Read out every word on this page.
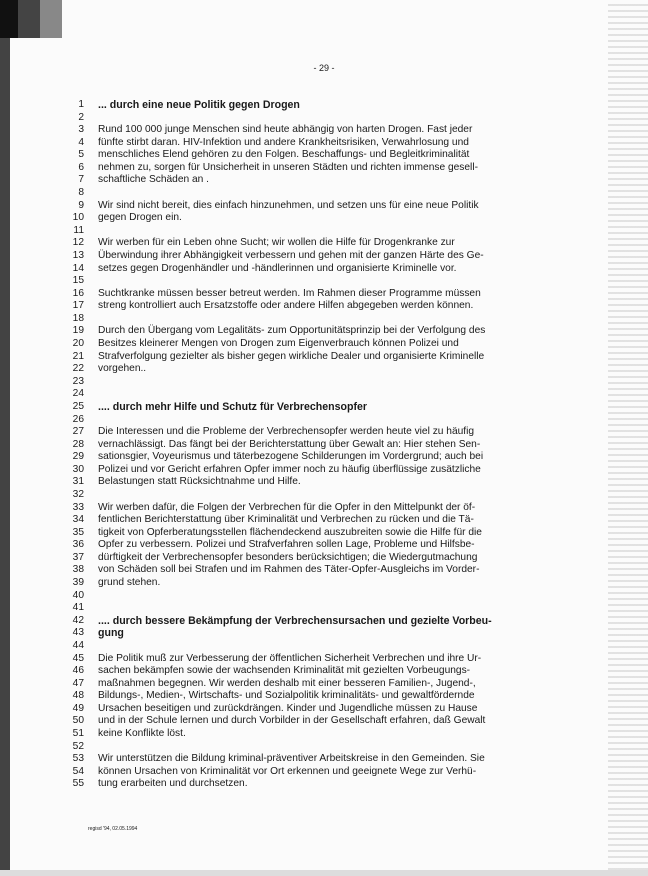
- 29 -
1 ... durch eine neue Politik gegen Drogen
2
3 Rund 100 000 junge Menschen sind heute abhängig von harten Drogen. Fast jeder
4 fünfte stirbt daran. HIV-Infektion und andere Krankheitsrisiken, Verwahrlosung und
5 menschliches Elend gehören zu den Folgen. Beschaffungs- und Begleitkriminalität
6 nehmen zu, sorgen für Unsicherheit in unseren Städten und richten immense gesell-
7 schaftliche Schäden an .
8
9 Wir sind nicht bereit, dies einfach hinzunehmen, und setzen uns für eine neue Politik
10 gegen Drogen ein.
11
12 Wir werben für ein Leben ohne Sucht; wir wollen die Hilfe für Drogenkranke zur
13 Überwindung ihrer Abhängigkeit verbessern und gehen mit der ganzen Härte des Ge-
14 setzes gegen Drogenhändler und -händlerinnen und organisierte Kriminelle vor.
15
16 Suchtkranke müssen besser betreut werden. Im Rahmen dieser Programme müssen
17 streng kontrolliert auch Ersatzstoffe oder andere Hilfen abgegeben werden können.
18
19 Durch den Übergang vom Legalitäts- zum Opportunitätsprinzip bei der Verfolgung des
20 Besitzes kleinerer Mengen von Drogen zum Eigenverbrauch können Polizei und
21 Strafverfolgung gezielter als bisher gegen wirkliche Dealer und organisierte Kriminelle
22 vorgehen..
23
24
25 .... durch mehr Hilfe und Schutz für Verbrechensopfer
26
27 Die Interessen und die Probleme der Verbrechensopfer werden heute viel zu häufig
28 vernachlässigt. Das fängt bei der Berichterstattung über Gewalt an: Hier stehen Sen-
29 sationsgier, Voyeurismus und täterbezogene Schilderungen im Vordergrund; auch bei
30 Polizei und vor Gericht erfahren Opfer immer noch zu häufig überflüssige zusätzliche
31 Belastungen statt Rücksichtnahme und Hilfe.
32
33 Wir werben dafür, die Folgen der Verbrechen für die Opfer in den Mittelpunkt der öf-
34 fentlichen Berichterstattung über Kriminalität und Verbrechen zu rücken und die Tä-
35 tigkeit von Opferberatungsstellen flächendeckend auszubreiten sowie die Hilfe für die
36 Opfer zu verbessern. Polizei und Strafverfahren sollen Lage, Probleme und Hilfsbe-
37 dürftigkeit der Verbrechensopfer besonders berücksichtigen; die Wiedergutmachung
38 von Schäden soll bei Strafen und im Rahmen des Täter-Opfer-Ausgleichs im Vorder-
39 grund stehen.
40
41
42 .... durch bessere Bekämpfung der Verbrechensursachen und gezielte Vorbeu-
43 gung
44
45 Die Politik muß zur Verbesserung der öffentlichen Sicherheit Verbrechen und ihre Ur-
46 sachen bekämpfen sowie der wachsenden Kriminalität mit gezielten Vorbeugungs-
47 maßnahmen begegnen. Wir werden deshalb mit einer besseren Familien-, Jugend-,
48 Bildungs-, Medien-, Wirtschafts- und Sozialpolitik kriminalitäts- und gewaltfördernde
49 Ursachen beseitigen und zurückdrängen. Kinder und Jugendliche müssen zu Hause
50 und in der Schule lernen und durch Vorbilder in der Gesellschaft erfahren, daß Gewalt
51 keine Konflikte löst.
52
53 Wir unterstützen die Bildung kriminal-präventiver Arbeitskreise in den Gemeinden. Sie
54 können Ursachen von Kriminalität vor Ort erkennen und geeignete Wege zur Verhü-
55 tung erarbeiten und durchsetzen.
regisd '94, 02.05.1994
